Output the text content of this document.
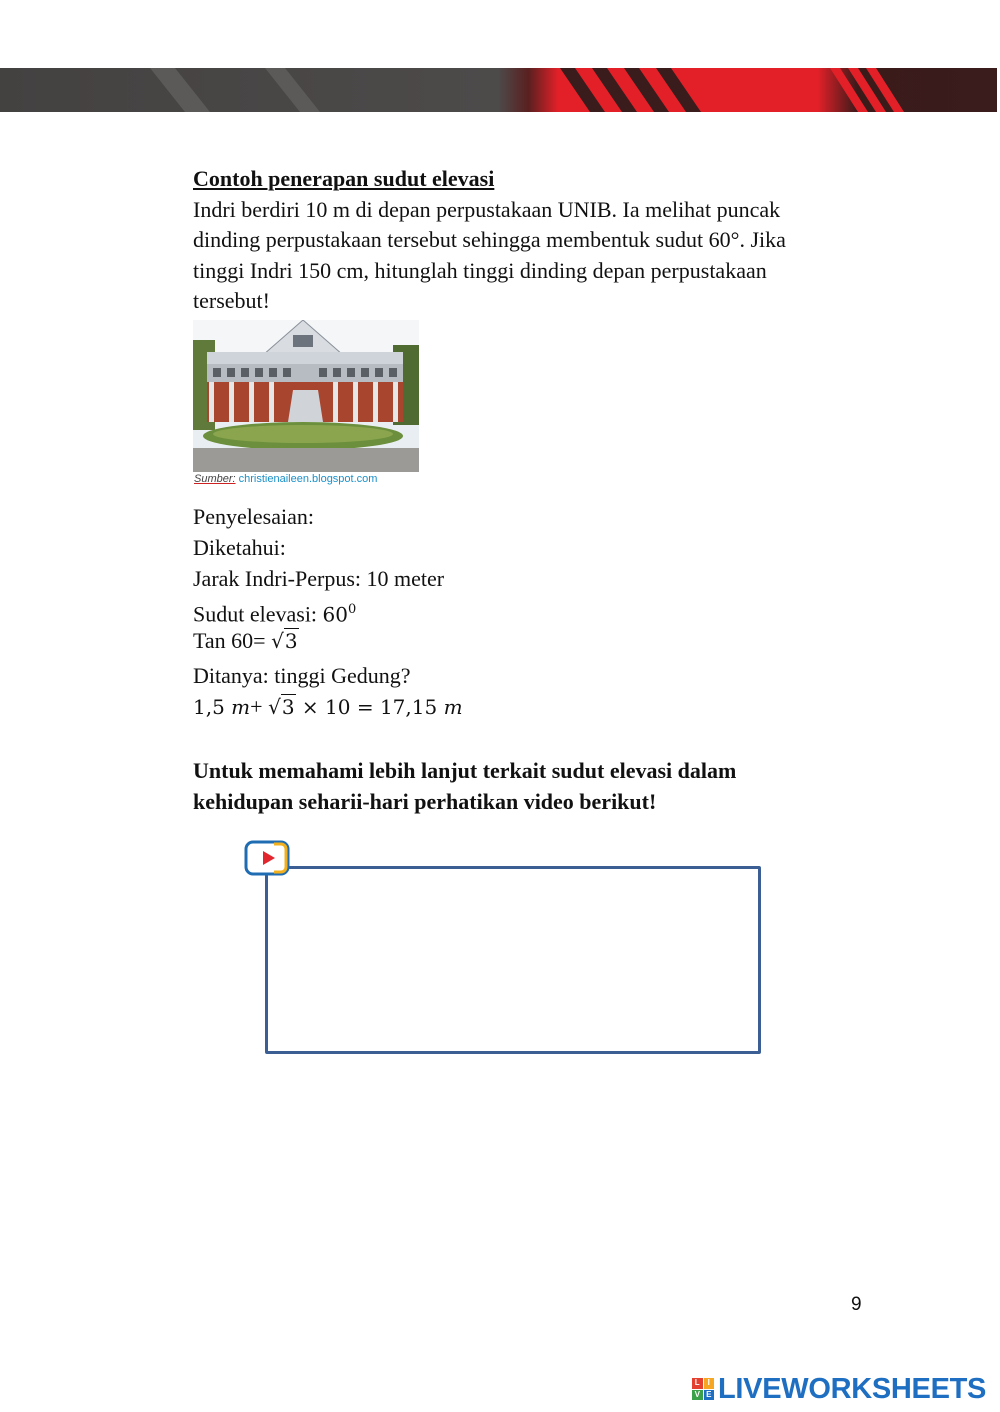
Contoh penerapan sudut elevasi
Indri berdiri 10 m di depan perpustakaan UNIB. Ia melihat puncak
dinding perpustakaan tersebut sehingga membentuk sudut 60°. Jika
tinggi Indri 150 cm, hitunglah tinggi dinding depan perpustakaan
tersebut!
Sumber: christienaileen.blogspot.com
Penyelesaian:
Diketahui:
Jarak Indri-Perpus: 10 meter
Sudut elevasi: $60^0$
Tan 60= √3
Ditanya: tinggi Gedung?
1,5 m+ √3 × 10 = 17,15 m
Untuk memahami lebih lanjut terkait sudut elevasi dalam
kehidupan seharii-hari perhatikan video berikut!
9
L I
V E LIVEWORKSHEETS
